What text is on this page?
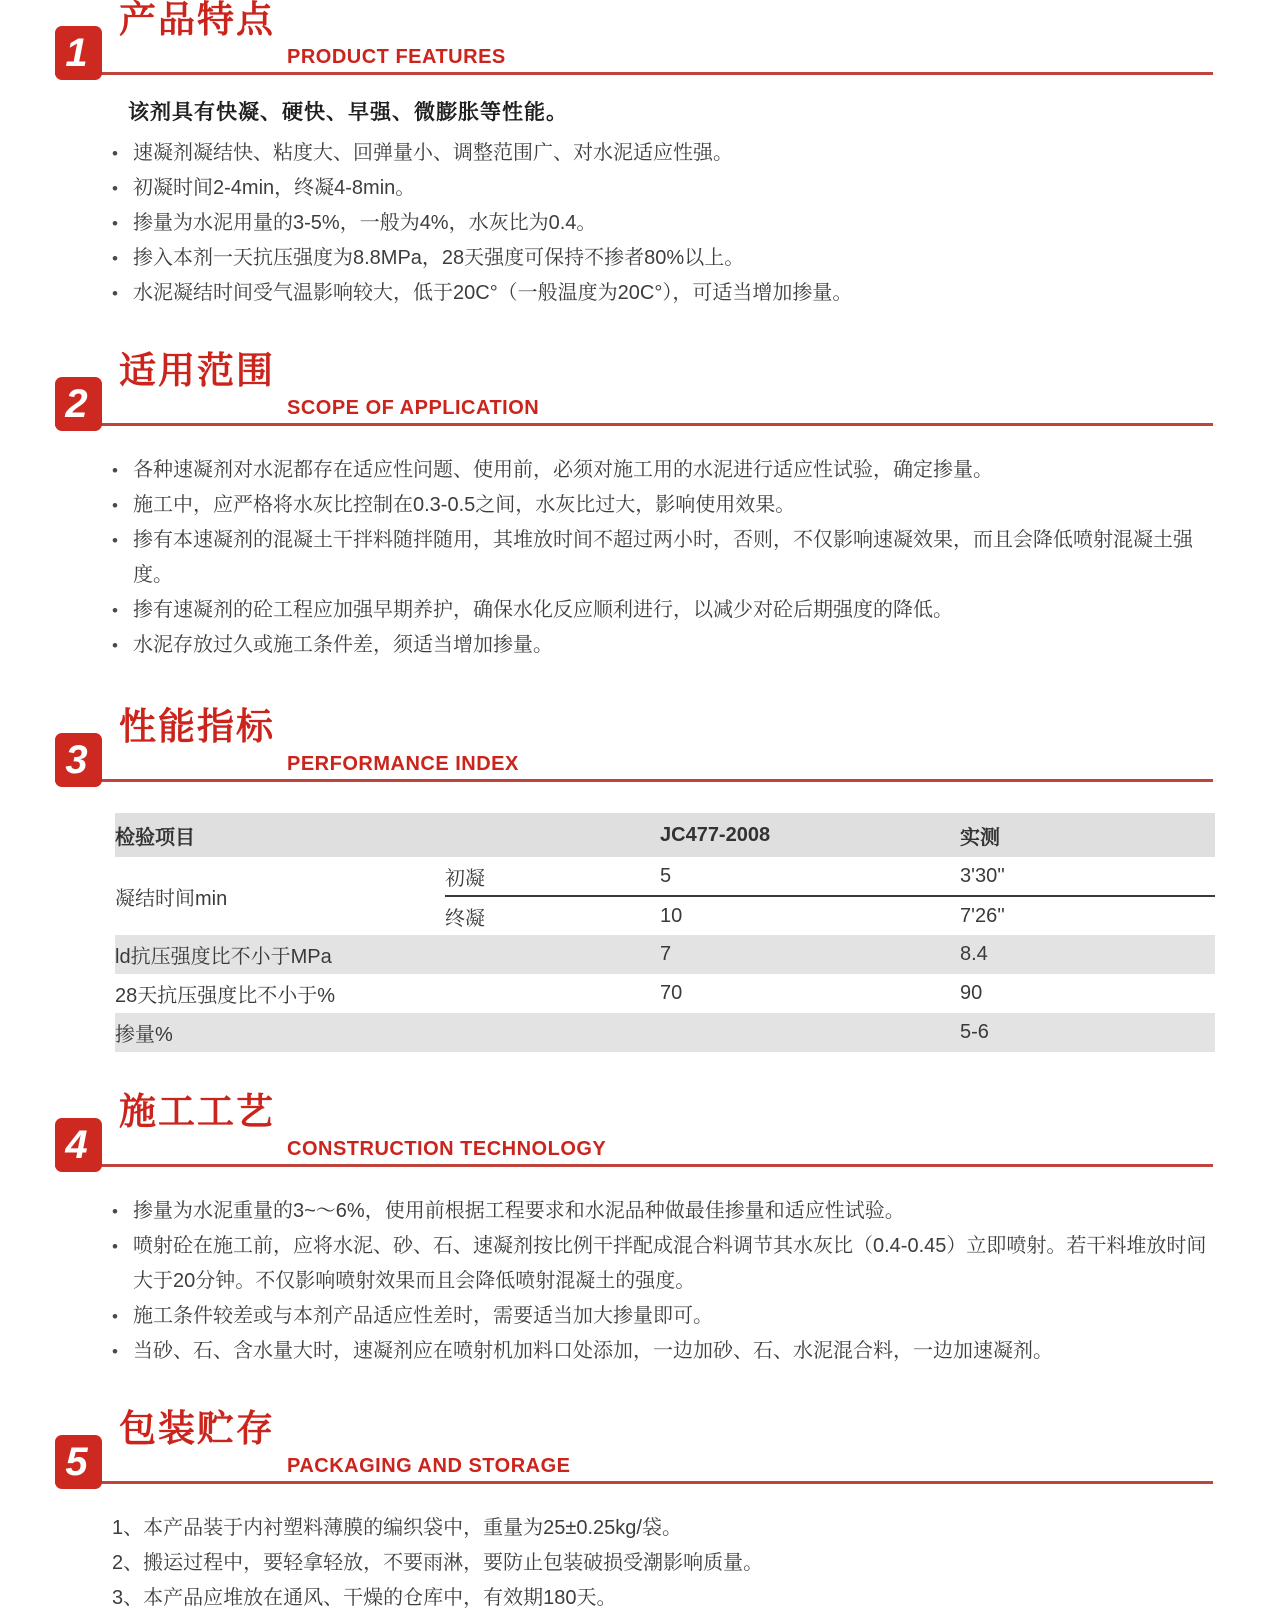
1
产品特点
PRODUCT FEATURES

该剂具有快凝、硬快、早强、微膨胀等性能。

• 速凝剂凝结快、粘度大、回弹量小、调整范围广、对水泥适应性强。
• 初凝时间2-4min，终凝4-8min。
• 掺量为水泥用量的3-5%，一般为4%，水灰比为0.4。
• 掺入本剂一天抗压强度为8.8MPa，28天强度可保持不掺者80%以上。
• 水泥凝结时间受气温影响较大，低于20C°（一般温度为20C°），可适当增加掺量。
2
适用范围
SCOPE OF APPLICATION
• 各种速凝剂对水泥都存在适应性问题、使用前，必须对施工用的水泥进行适应性试验，确定掺量。
• 施工中，应严格将水灰比控制在0.3-0.5之间，水灰比过大，影响使用效果。
• 掺有本速凝剂的混凝土干拌料随拌随用，其堆放时间不超过两小时，否则，不仅影响速凝效果，而且会降低喷射混凝土强度。
• 掺有速凝剂的砼工程应加强早期养护，确保水化反应顺利进行，以减少对砼后期强度的降低。
• 水泥存放过久或施工条件差，须适当增加掺量。
3
性能指标
PERFORMANCE INDEX
检验项目		JC477-2008	实测
凝结时间min	初凝	5	3'30''
	终凝	10	7'26''
ld抗压强度比不小于MPa		7	8.4
28天抗压强度比不小于%		70	90
掺量%			5-6
4
施工工艺
CONSTRUCTION TECHNOLOGY
• 掺量为水泥重量的3~～6%，使用前根据工程要求和水泥品种做最佳掺量和适应性试验。
• 喷射砼在施工前，应将水泥、砂、石、速凝剂按比例干拌配成混合料调节其水灰比（0.4-0.45）立即喷射。若干料堆放时间大于20分钟。不仅影响喷射效果而且会降低喷射混凝土的强度。
• 施工条件较差或与本剂产品适应性差时，需要适当加大掺量即可。
• 当砂、石、含水量大时，速凝剂应在喷射机加料口处添加，一边加砂、石、水泥混合料，一边加速凝剂。
5
包装贮存
PACKAGING AND STORAGE
1、本产品装于内衬塑料薄膜的编织袋中，重量为25±0.25kg/袋。
2、搬运过程中，要轻拿轻放，不要雨淋，要防止包装破损受潮影响质量。
3、本产品应堆放在通风、干燥的仓库中，有效期180天。
